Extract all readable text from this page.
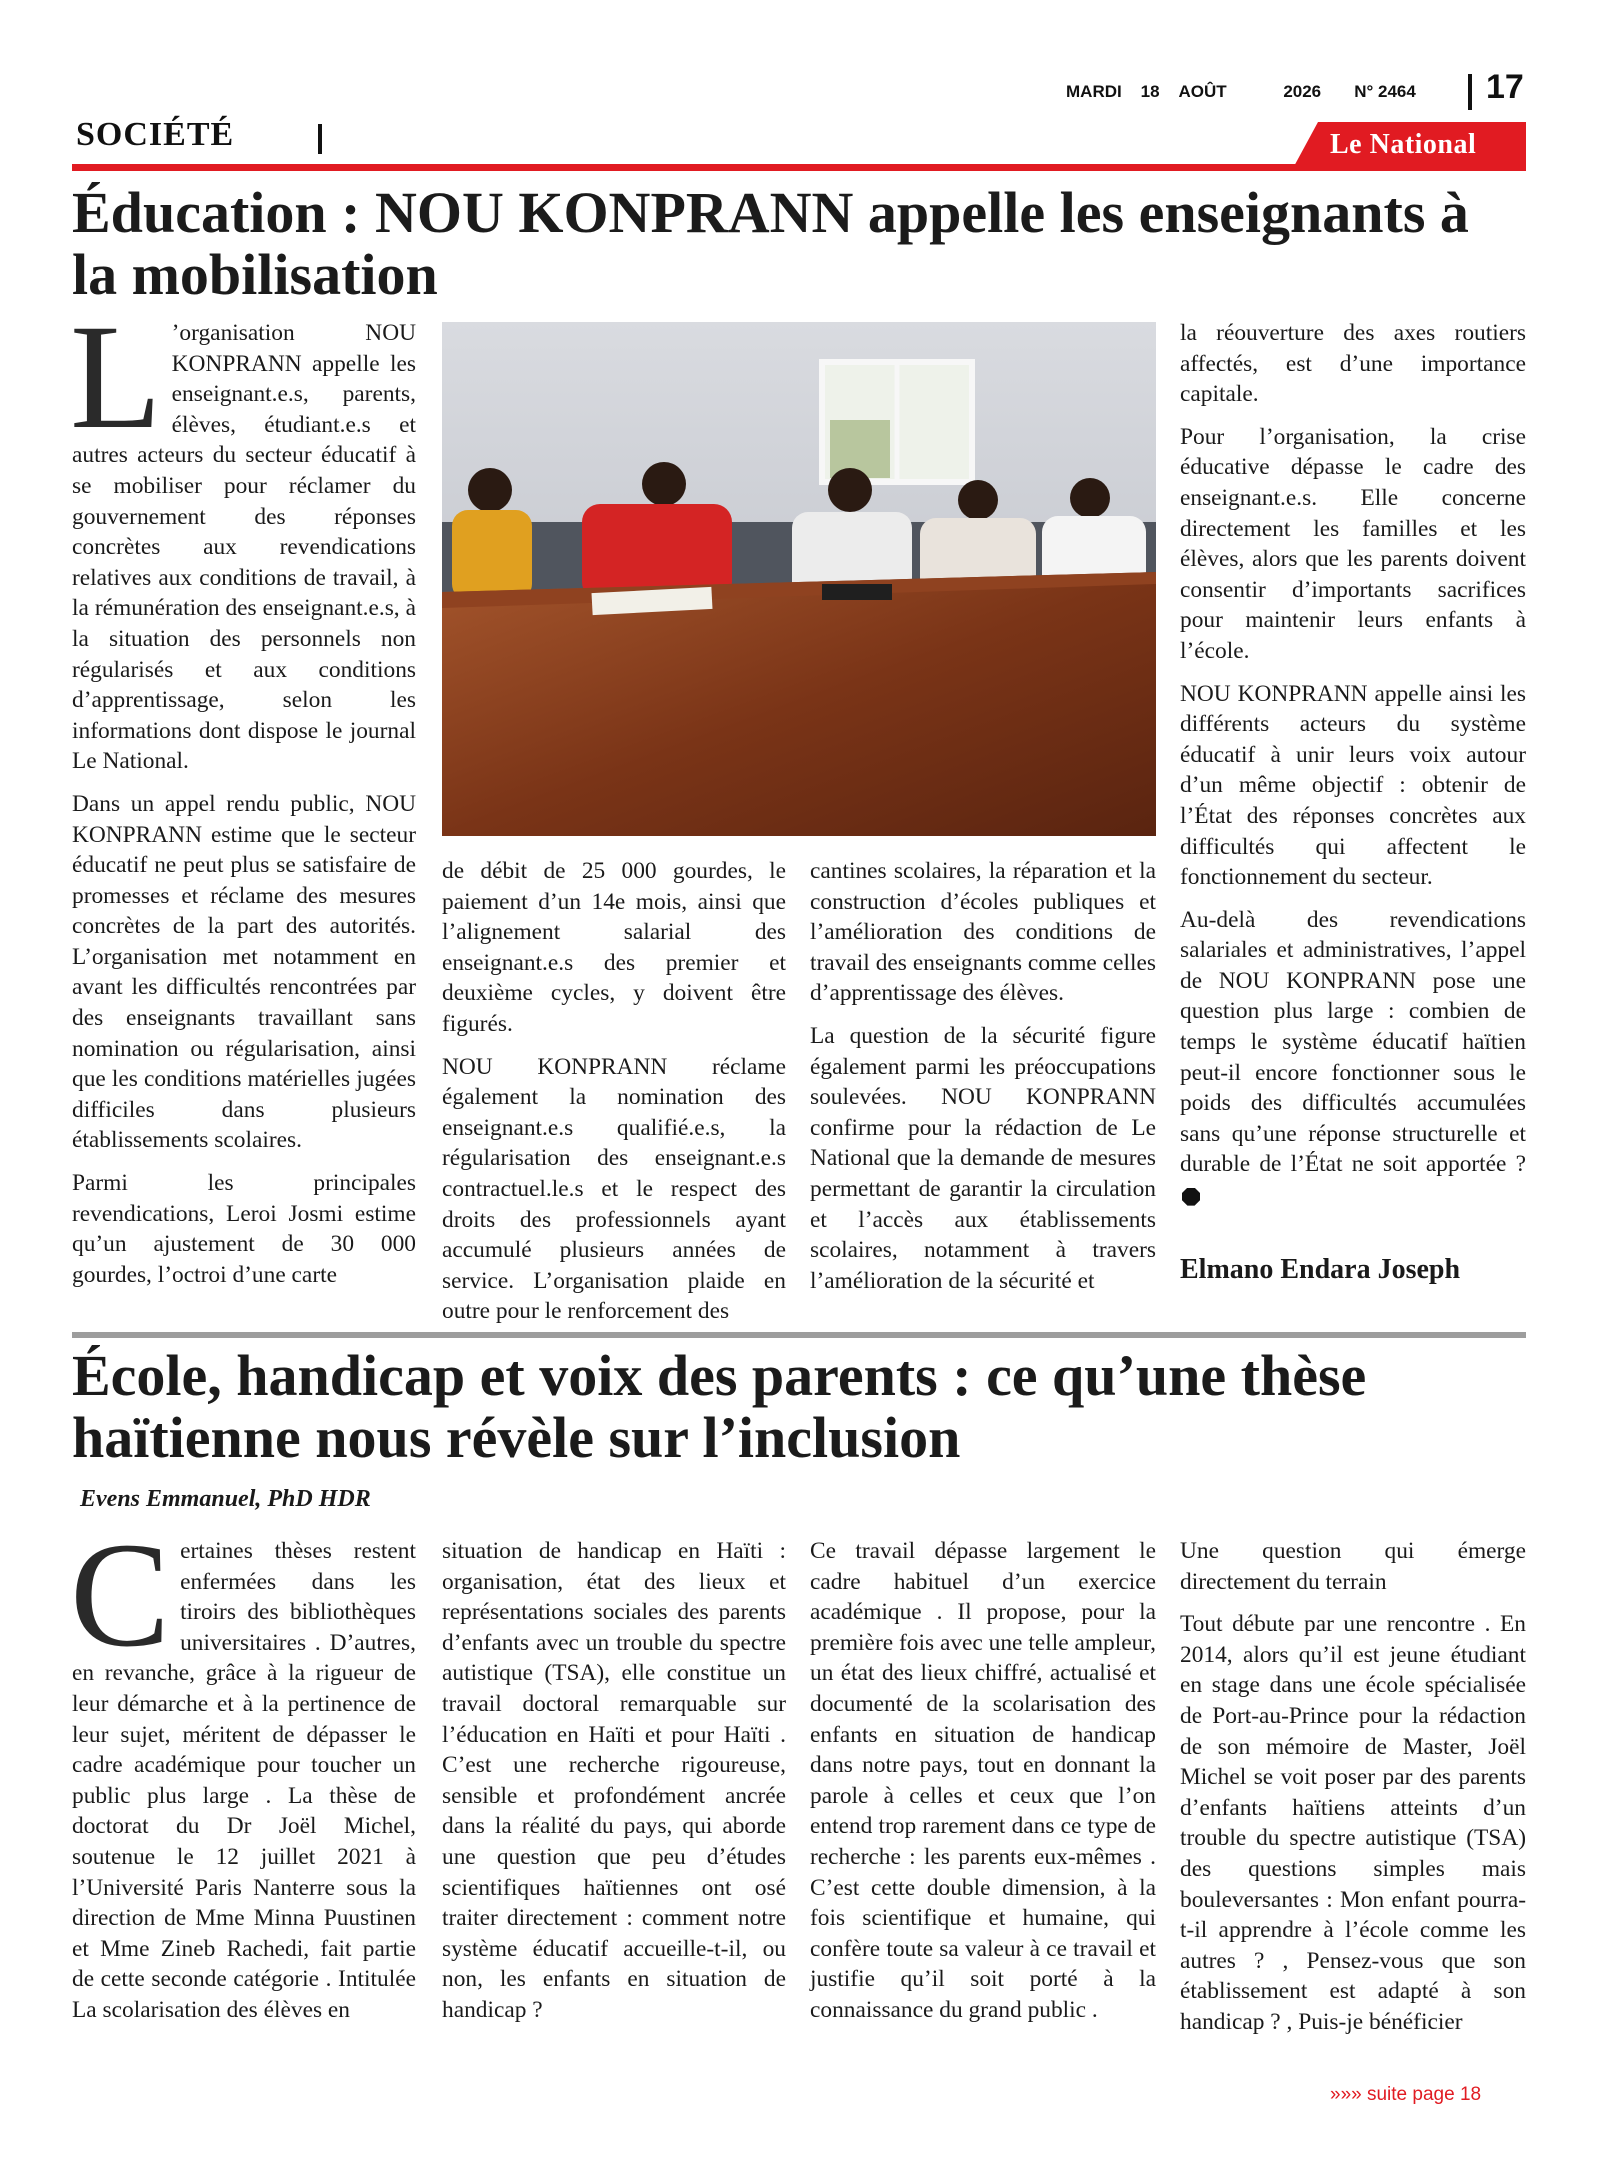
MARDI 18 AOÛT	2026 N° 2464 17
SOCIÉTÉ	Le National
Éducation : NOU KONPRANN appelle les enseignants à la mobilisation

L ’organisation NOU KONPRANN appelle les enseignant.e.s, parents, élèves, étudiant.e.s et autres acteurs du secteur éducatif à se mobiliser pour réclamer du gouvernement des réponses concrètes aux revendications relatives aux conditions de travail, à la rémunération des enseignant.e.s, à la situation des personnels non régularisés et aux conditions d’apprentissage, selon les informations dont dispose le journal Le National.

Dans un appel rendu public, NOU KONPRANN estime que le secteur éducatif ne peut plus se satisfaire de promesses et réclame des mesures concrètes de la part des autorités. L’organisation met notamment en avant les difficultés rencontrées par des enseignants travaillant sans nomination ou régularisation, ainsi que les conditions matérielles jugées difficiles dans plusieurs établissements scolaires.

Parmi les principales revendications, Leroi Josmi estime qu’un ajustement de 30 000 gourdes, l’octroi d’une carte

de débit de 25 000 gourdes, le paiement d’un 14e mois, ainsi que l’alignement salarial des enseignant.e.s des premier et deuxième cycles, y doivent être figurés.

NOU KONPRANN réclame également la nomination des enseignant.e.s qualifié.e.s, la régularisation des enseignant.e.s contractuel.le.s et le respect des droits des professionnels ayant accumulé plusieurs années de service. L’organisation plaide en outre pour le renforcement des

cantines scolaires, la réparation et la construction d’écoles publiques et l’amélioration des conditions de travail des enseignants comme celles d’apprentissage des élèves.

La question de la sécurité figure également parmi les préoccupations soulevées. NOU KONPRANN confirme pour la rédaction de Le National que la demande de mesures permettant de garantir la circulation et l’accès aux établissements scolaires, notamment à travers l’amélioration de la sécurité et

la réouverture des axes routiers affectés, est d’une importance capitale.

Pour l’organisation, la crise éducative dépasse le cadre des enseignant.e.s. Elle concerne directement les familles et les élèves, alors que les parents doivent consentir d’importants sacrifices pour maintenir leurs enfants à l’école.

NOU KONPRANN appelle ainsi les différents acteurs du système éducatif à unir leurs voix autour d’un même objectif : obtenir de l’État des réponses concrètes aux difficultés qui affectent le fonctionnement du secteur.

Au-delà des revendications salariales et administratives, l’appel de NOU KONPRANN pose une question plus large : combien de temps le système éducatif haïtien peut-il encore fonctionner sous le poids des difficultés accumulées sans qu’une réponse structurelle et durable de l’État ne soit apportée ?

Elmano Endara Joseph
École, handicap et voix des parents : ce qu’une thèse haïtienne nous révèle sur l’inclusion
Evens Emmanuel, PhD HDR

Certaines thèses restent enfermées dans les tiroirs des bibliothèques universitaires . D’autres, en revanche, grâce à la rigueur de leur démarche et à la pertinence de leur sujet, méritent de dépasser le cadre académique pour toucher un public plus large . La thèse de doctorat du Dr Joël Michel, soutenue le 12 juillet 2021 à l’Université Paris Nanterre sous la direction de Mme Minna Puustinen et Mme Zineb Rachedi, fait partie de cette seconde catégorie . Intitulée La scolarisation des élèves en

situation de handicap en Haïti : organisation, état des lieux et représentations sociales des parents d’enfants avec un trouble du spectre autistique (TSA), elle constitue un travail doctoral remarquable sur l’éducation en Haïti et pour Haïti . C’est une recherche rigoureuse, sensible et profondément ancrée dans la réalité du pays, qui aborde une question que peu d’études scientifiques haïtiennes ont osé traiter directement : comment notre système éducatif accueille-t-il, ou non, les enfants en situation de handicap ?

Ce travail dépasse largement le cadre habituel d’un exercice académique . Il propose, pour la première fois avec une telle ampleur, un état des lieux chiffré, actualisé et documenté de la scolarisation des enfants en situation de handicap dans notre pays, tout en donnant la parole à celles et ceux que l’on entend trop rarement dans ce type de recherche : les parents eux-mêmes . C’est cette double dimension, à la fois scientifique et humaine, qui confère toute sa valeur à ce travail et justifie qu’il soit porté à la connaissance du grand public .

Une question qui émerge directement du terrain

Tout débute par une rencontre . En 2014, alors qu’il est jeune étudiant en stage dans une école spécialisée de Port-au-Prince pour la rédaction de son mémoire de Master, Joël Michel se voit poser par des parents d’enfants haïtiens atteints d’un trouble du spectre autistique (TSA) des questions simples mais bouleversantes : Mon enfant pourra-t-il apprendre à l’école comme les autres ? , Pensez-vous que son établissement est adapté à son handicap ? , Puis-je bénéficier

»»» suite page 18
